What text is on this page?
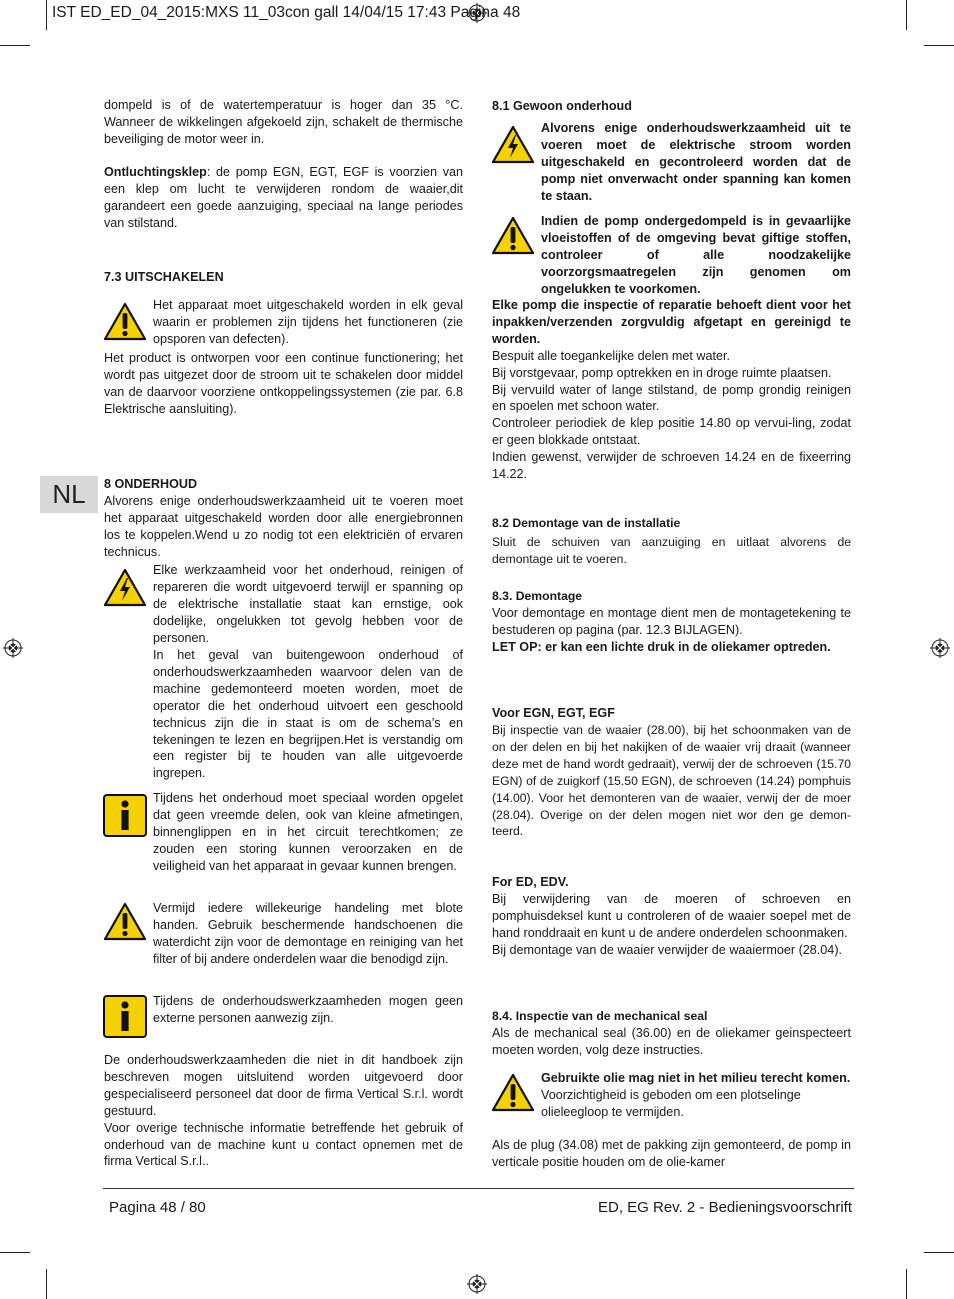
IST ED_ED_04_2015:MXS 11_03con gall 14/04/15 17:43 Pagina 48
NL

dompeld is of de watertemperatuur is hoger dan 35 °C. Wanneer de wikkelingen afgekoeld zijn, schakelt de thermische beveiliging de motor weer in.

Ontluchtingsklep: de pomp EGN, EGT, EGF is voorzien van een klep om lucht te verwijderen rondom de waaier,dit garandeert een goede aanzuiging, speciaal na lange periodes van stilstand.

7.3 UITSCHAKELEN

Het apparaat moet uitgeschakeld worden in elk geval waarin er problemen zijn tijdens het functioneren (zie opsporen van defecten).

Het product is ontworpen voor een continue functionering; het wordt pas uitgezet door de stroom uit te schakelen door middel van de daarvoor voorziene ontkoppelingssystemen (zie par. 6.8 Elektrische aansluiting).

8 ONDERHOUD

Alvorens enige onderhoudswerkzaamheid uit te voeren moet het apparaat uitgeschakeld worden door alle energiebronnen los te koppelen.Wend u zo nodig tot een elektriciën of ervaren technicus.

Elke werkzaamheid voor het onderhoud, reinigen of repareren die wordt uitgevoerd terwijl er spanning op de elektrische installatie staat kan ernstige, ook dodelijke, ongelukken tot gevolg hebben voor de personen.

In het geval van buitengewoon onderhoud of onderhoudswerkzaamheden waarvoor delen van de machine gedemonteerd moeten worden, moet de operator die het onderhoud uitvoert een geschoold technicus zijn die in staat is om de schema’s en tekeningen te lezen en begrijpen.Het is verstandig om een register bij te houden van alle uitgevoerde ingrepen.

Tijdens het onderhoud moet speciaal worden opgelet dat geen vreemde delen, ook van kleine afmetingen, binnenglippen en in het circuit terechtkomen; ze zouden een storing kunnen veroorzaken en de veiligheid van het apparaat in gevaar kunnen brengen.

Vermijd iedere willekeurige handeling met blote handen. Gebruik beschermende handschoenen die waterdicht zijn voor de demontage en reiniging van het filter of bij andere onderdelen waar die benodigd zijn.

Tijdens de onderhoudswerkzaamheden mogen geen externe personen aanwezig zijn.

De onderhoudswerkzaamheden die niet in dit handboek zijn beschreven mogen uitsluitend worden uitgevoerd door gespecialiseerd personeel dat door de firma Vertical S.r.l. wordt gestuurd.

Voor overige technische informatie betreffende het gebruik of onderhoud van de machine kunt u contact opnemen met de firma Vertical S.r.l..

8.1 Gewoon onderhoud

Alvorens enige onderhoudswerkzaamheid uit te voeren moet de elektrische stroom worden uitgeschakeld en gecontroleerd worden dat de pomp niet onverwacht onder spanning kan komen te staan.

Indien de pomp ondergedompeld is in gevaarlijke vloeistoffen of de omgeving bevat giftige stoffen, controleer of alle noodzakelijke voorzorgsmaatregelen zijn genomen om ongelukken te voorkomen.

Elke pomp die inspectie of reparatie behoeft dient voor het inpakken/verzenden zorgvuldig afgetapt en gereinigd te worden.

Bespuit alle toegankelijke delen met water.

Bij vorstgevaar, pomp optrekken en in droge ruimte plaatsen.

Bij vervuild water of lange stilstand, de pomp grondig reinigen en spoelen met schoon water.

Controleer periodiek de klep positie 14.80 op vervui-ling, zodat er geen blokkade ontstaat.

Indien gewenst, verwijder de schroeven 14.24 en de fixeerring 14.22.

8.2 Demontage van de installatie

Sluit de schuiven van aanzuiging en uitlaat alvorens de demontage uit te voeren.

8.3. Demontage

Voor demontage en montage dient men de montagetekening te bestuderen op pagina (par. 12.3 BIJLAGEN).

LET OP: er kan een lichte druk in de oliekamer optreden.

Voor EGN, EGT, EGF

Bij inspectie van de waaier (28.00), bij het schoonmaken van de on der delen en bij het nakijken of de waaier vrij draait (wanneer deze met de hand wordt gedraait), verwij der de schroeven (15.70 EGN) of de zuigkorf (15.50 EGN), de schroeven (14.24) pomphuis (14.00). Voor het demonteren van de waaier, verwij der de moer (28.04). Overige on der delen mogen niet wor den ge demon-teerd.

For ED, EDV.

Bij verwijdering van de moeren of schroeven en pomphuisdeksel kunt u controleren of de waaier soepel met de hand ronddraait en kunt u de andere onderdelen schoonmaken.

Bij demontage van de waaier verwijder de waaiermoer (28.04).

8.4. Inspectie van de mechanical seal

Als de mechanical seal (36.00) en de oliekamer geinspecteert moeten worden, volg deze instructies.

Gebruikte olie mag niet in het milieu terecht komen.

Voorzichtigheid is geboden om een plotselinge olieleegloop te vermijden.

Als de plug (34.08) met de pakking zijn gemonteerd, de pomp in verticale positie houden om de olie-kamer

Pagina 48 / 80	ED, EG Rev. 2 - Bedieningsvoorschrift
